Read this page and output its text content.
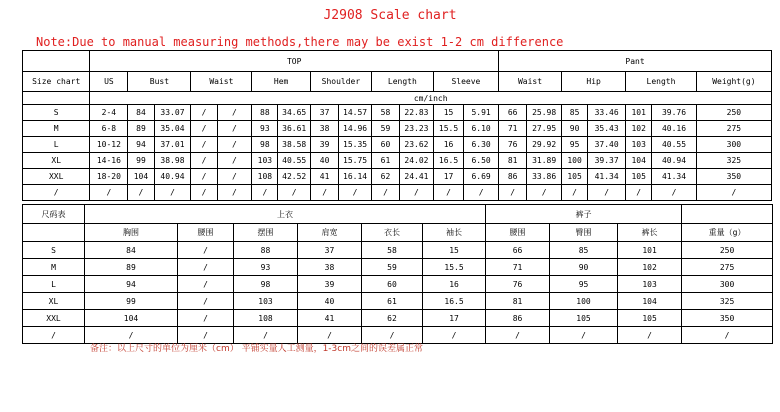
J2908 Scale chart
Note:Due to manual measuring methods,there may be exist 1-2 cm difference
	TOP													Pant						
Size chart	US	Bust		Waist		Hem		Shoulder		Length		Sleeve		Waist		Hip		Length		Weight(g)
	cm/inch																			
S	2-4	84	33.07	/	/	88	34.65	37	14.57	58	22.83	15	5.91	66	25.98	85	33.46	101	39.76	250
M	6-8	89	35.04	/	/	93	36.61	38	14.96	59	23.23	15.5	6.10	71	27.95	90	35.43	102	40.16	275
L	10-12	94	37.01	/	/	98	38.58	39	15.35	60	23.62	16	6.30	76	29.92	95	37.40	103	40.55	300
XL	14-16	99	38.98	/	/	103	40.55	40	15.75	61	24.02	16.5	6.50	81	31.89	100	39.37	104	40.94	325
XXL	18-20	104	40.94	/	/	108	42.52	41	16.14	62	24.41	17	6.69	86	33.86	105	41.34	105	41.34	350
/	/	/	/	/	/	/	/	/	/	/	/	/	/	/	/	/	/	/	/	/
尺码表	上衣						裤子			
	胸围	腰围	摆围	肩宽	衣长	袖长	腰围	臀围	裤长	重量（g）
S	84	/	88	37	58	15	66	85	101	250
M	89	/	93	38	59	15.5	71	90	102	275
L	94	/	98	39	60	16	76	95	103	300
XL	99	/	103	40	61	16.5	81	100	104	325
XXL	104	/	108	41	62	17	86	105	105	350
/	/	/	/	/	/	/	/	/	/	/
备注：以上尺寸的单位为厘米（cm） 平铺实量人工测量，1-3cm之间的误差属正常
